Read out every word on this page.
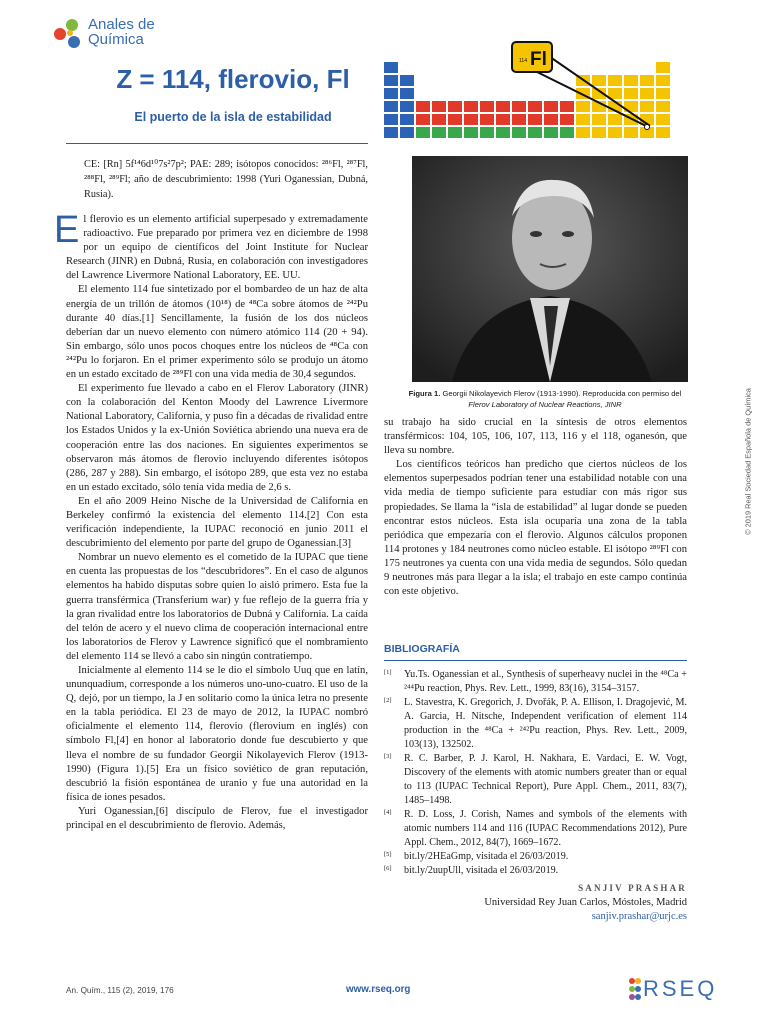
Anales de
Química
Z = 114, flerovio, Fl
El puerto de la isla de estabilidad
114 Fl
CE: [Rn] 5f¹⁴6d¹⁰7s²7p²; PAE: 289; isótopos conocidos: ²⁸⁶Fl, ²⁸⁷Fl, ²⁸⁸Fl, ²⁸⁹Fl; año de descubrimiento: 1998 (Yuri Oganessian, Dubná, Rusia).

El flerovio es un elemento artificial superpesado y extremadamente radioactivo. Fue preparado por primera vez en diciembre de 1998 por un equipo de científicos del Joint Institute for Nuclear Research (JINR) en Dubná, Rusia, en colaboración con investigadores del Lawrence Livermore National Laboratory, EE. UU.

El elemento 114 fue sintetizado por el bombardeo de un haz de alta energía de un trillón de átomos (10¹⁸) de ⁴⁸Ca sobre átomos de ²⁴²Pu durante 40 días.[1] Sencillamente, la fusión de los dos núcleos deberían dar un nuevo elemento con número atómico 114 (20 + 94). Sin embargo, sólo unos pocos choques entre los núcleos de ⁴⁸Ca con ²⁴²Pu lo forjaron. En el primer experimento sólo se produjo un átomo en un estado excitado de ²⁸⁹Fl con una vida media de 30,4 segundos.

El experimento fue llevado a cabo en el Flerov Laboratory (JINR) con la colaboración del Kenton Moody del Lawrence Livermore National Laboratory, California, y puso fin a décadas de rivalidad entre los Estados Unidos y la ex-Unión Soviética abriendo una nueva era de cooperación entre las dos naciones. En siguientes experimentos se observaron más átomos de flerovio incluyendo diferentes isótopos (286, 287 y 288). Sin embargo, el isótopo 289, que esta vez no estaba en un estado excitado, sólo tenía vida media de 2,6 s.

En el año 2009 Heino Nische de la Universidad de California en Berkeley confirmó la existencia del elemento 114.[2] Con esta verificación independiente, la IUPAC reconoció en junio 2011 el descubrimiento del elemento por parte del grupo de Oganessian.[3]

Nombrar un nuevo elemento es el cometido de la IUPAC que tiene en cuenta las propuestas de los “descubridores”. En el caso de algunos elementos ha habido disputas sobre quien lo aisló primero. Esta fue la guerra transférmica (Transferium war) y fue reflejo de la guerra fría y la gran rivalidad entre los laboratorios de Dubná y California. La caída del telón de acero y el nuevo clima de cooperación internacional entre los laboratorios de Flerov y Lawrence significó que el nombramiento del elemento 114 se llevó a cabo sin ningún contratiempo.

Inicialmente al elemento 114 se le dio el símbolo Uuq que en latín, ununquadium, corresponde a los números uno-uno-cuatro. El uso de la Q, dejó, por un tiempo, la J en solitario como la única letra no presente en la tabla periódica. El 23 de mayo de 2012, la IUPAC nombró oficialmente el elemento 114, flerovio (flerovium en inglés) con símbolo Fl,[4] en honor al laboratorio donde fue descubierto y que lleva el nombre de su fundador Georgii Nikolayevich Flerov (1913-1990) (Figura 1).[5] Era un físico soviético de gran reputación, descubrió la fisión espontánea de uranio y fue una autoridad en la física de iones pesados.

Yuri Oganessian,[6] discípulo de Flerov, fue el investigador principal en el descubrimiento de flerovio. Además,

Figura 1. Georgii Nikolayevich Flerov (1913-1990). Reproducida con permiso del
Flerov Laboratory of Nuclear Reactions, JINR

su trabajo ha sido crucial en la síntesis de otros elementos transférmicos: 104, 105, 106, 107, 113, 116 y el 118, oganesón, que lleva su nombre.

Los científicos teóricos han predicho que ciertos núcleos de los elementos superpesados podrían tener una estabilidad notable con una vida media de tiempo suficiente para estudiar con más rigor sus propiedades. Se llama la “isla de estabilidad” al lugar donde se pueden encontrar estos núcleos. Esta isla ocuparía una zona de la tabla periódica que empezaría con el flerovio. Algunos cálculos proponen 114 protones y 184 neutrones como núcleo estable. El isótopo ²⁸⁹Fl con 175 neutrones ya cuenta con una vida media de segundos. Sólo quedan 9 neutrones más para llegar a la isla; el trabajo en este campo continúa con este objetivo.

BIBLIOGRAFÍA
[1] Yu.Ts. Oganessian et al., Synthesis of superheavy nuclei in the ⁴⁸Ca + ²⁴⁴Pu reaction, Phys. Rev. Lett., 1999, 83(16), 3154–3157.
[2] L. Stavestra, K. Gregorich, J. Dvořák, P. A. Ellison, I. Dragojević, M. A. Garcia, H. Nitsche, Independent verification of element 114 production in the ⁴⁸Ca + ²⁴²Pu reaction, Phys. Rev. Lett., 2009, 103(13), 132502.
[3] R. C. Barber, P. J. Karol, H. Nakhara, E. Vardaci, E. W. Vogt, Discovery of the elements with atomic numbers greater than or equal to 113 (IUPAC Technical Report), Pure Appl. Chem., 2011, 83(7), 1485–1498.
[4] R. D. Loss, J. Corish, Names and symbols of the elements with atomic numbers 114 and 116 (IUPAC Recommendations 2012), Pure Appl. Chem., 2012, 84(7), 1669–1672.
[5] bit.ly/2HEaGmp, visitada el 26/03/2019.
[6] bit.ly/2uupUll, visitada el 26/03/2019.
SANJIV PRASHAR
Universidad Rey Juan Carlos, Móstoles, Madrid
sanjiv.prashar@urjc.es
© 2019 Real Sociedad Española de Química
An. Quím., 115 (2), 2019, 176	www.rseq.org	RSEQ
